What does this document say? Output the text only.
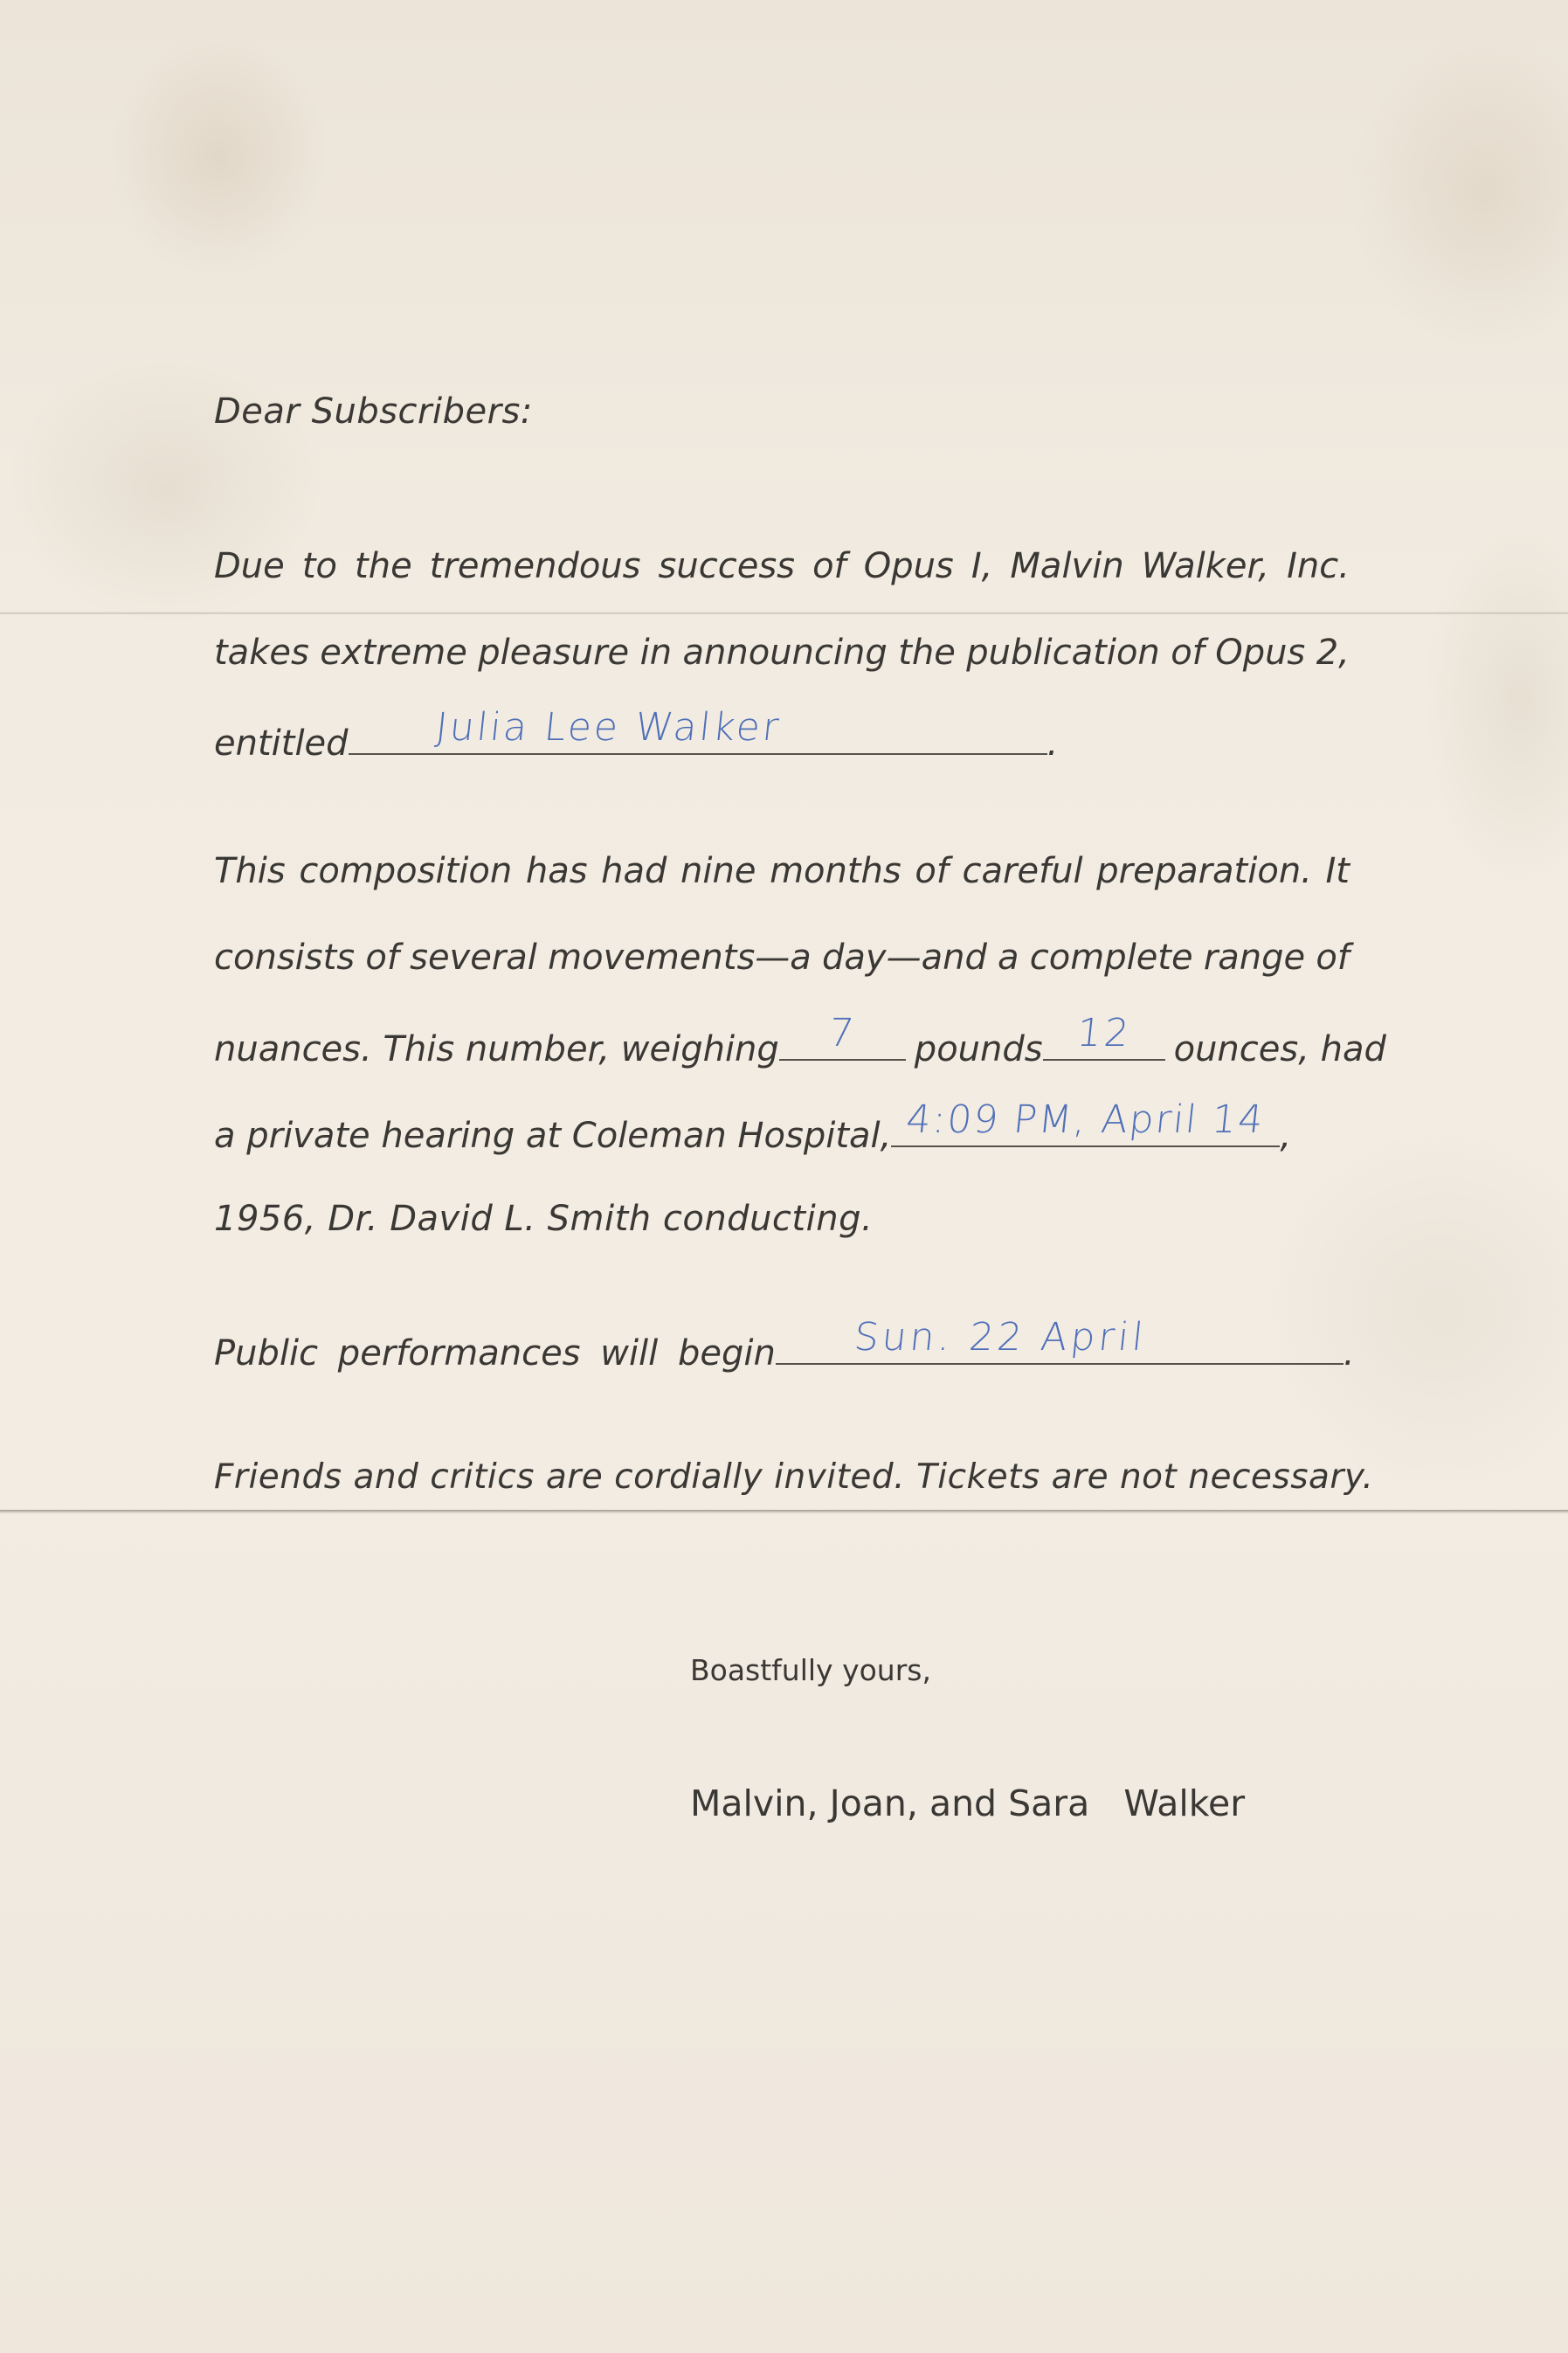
Dear Subscribers:
Due to the tremendous success of Opus I, Malvin Walker, Inc.
takes extreme pleasure in announcing the publication of Opus 2,
entitled	Julia Lee Walker	.
This composition has had nine months of careful preparation. It
consists of several movements—a day—and a complete range of
nuances. This number, weighing	7	pounds 12	ounces, had
a private hearing at Coleman Hospital, 4:09 PM, April 14 ,
1956, Dr. David L. Smith conducting.
Public performances will begin	Sun. 22 April	.
Friends and critics are cordially invited. Tickets are not necessary.
Boastfully yours,
Malvin, Joan, and Sara   Walker
